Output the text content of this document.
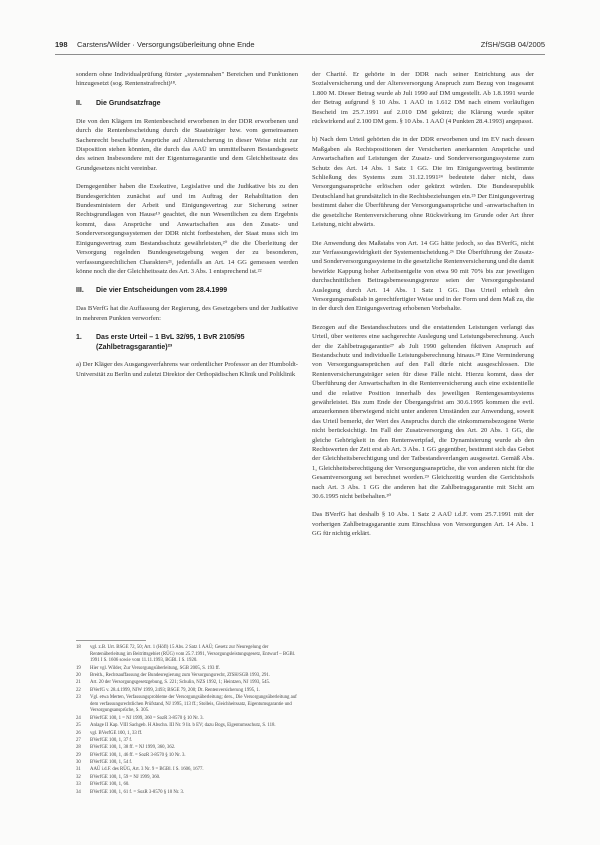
198 Carstens/Wilder · Versorgungsüberleitung ohne Ende	ZfSH/SGB 04/2005

sondern ohne Individualprüfung fürster „systemnahen" Bereichen und Funktionen hinzugesetzt (sog. Rentenstrafrecht)¹⁸.

II. Die Grundsatzfrage

Die von den Klägern im Rentenbescheid erworbenen in der DDR erworbenen und durch die Rentenbescheidung durch die Staatsträger bzw. vom gemeinsamen Sachenrecht beschaffte Ansprüche auf Alterssicherung in dieser Weise nicht zur Disposition stehen könnten, die durch das AAÜ im unmittelbaren Bestandsgesetz des seinen Insbesondere mit der Eigentumsgarantie und dem Gleichheitssatz des Grundgesetzes nicht vereinbar.

Demgegenüber haben die Exekutive, Legislative und die Judikative bis zu den Bundesgerichten zunächst auf und im Auftrag der Rehabilitation den Bundesministern der Arbeit und Einigungsvertrag zur Sicherung seiner Rechtsgrundlagen von Hause¹⁹ geachtet, die nun Wesentlichen zu dem Ergebnis kommt, dass Ansprüche und Anwartschaften aus den Zusatz- und Sonderversorgungssystemen der DDR nicht fortbestehen, der Staat muss sich im Einigungsvertrag zum Bestandsschutz gewährleisten,²⁰ die die Überleitung der Versorgung regelnden Bundesgesetzgebung wegen der zu besonderen, verfassungsrechtlichen Charakters²¹, jedenfalls an Art. 14 GG gemessen werden könne noch die der Gleichheitssatz des Art. 3 Abs. 1 entsprechend ist.²²

III. Die vier Entscheidungen vom 28.4.1999

Das BVerfG hat die Auffassung der Regierung, des Gesetzgebers und der Judikative in mehreren Punkten verworfen:

1. Das erste Urteil – 1 BvL 32/95, 1 BvR 2105/95
(Zahlbetragsgarantie)²³

a) Der Kläger des Ausgangsverfahrens war ordentlicher Professor an der Humboldt-Universität zu Berlin und zuletzt Direktor der Orthopädischen Klinik und Poliklinik

der Charité. Er gehörte in der DDR nach seiner Entrichtung aus der Sozialversicherung und der Altersversorgung Anspruch zum Bezug von insgesamt 1.800 M. Dieser Betrag wurde ab Juli 1990 auf DM umgestellt. Ab 1.8.1991 wurde der Betrag aufgrund § 10 Abs. 1 AAÜ in 1.612 DM nach einem vorläufigen Bescheid im 25.7.1991 auf 2.010 DM gekürzt; die Klärung wurde später rückwirkend auf 2.100 DM gem. § 10 Abs. 1 AAÜ (4 Punkten 28.4.1993) angepasst.

b) Nach dem Urteil gehörten die in der DDR erworbenen und im EV nach dessen Maßgaben als Rechtspositionen der Versicherten anerkannten Ansprüche und Anwartschaften auf Leistungen der Zusatz- und Sonderversorgungssysteme zum Schutz des Art. 14 Abs. 1 Satz 1 GG. Die im Einigungsvertrag bestimmte Schließung des Systems zum 31.12.1991²⁴ bedeutete daher nicht, dass Versorgungsansprüche erlöschen oder gekürzt würden. Die Bundesrepublik Deutschland hat grundsätzlich in die Rechtsbeziehungen ein.²⁵ Der Einigungsvertrag bestimmt daher die Überführung der Versorgungsansprüche und -anwartschaften in die gesetzliche Rentenversicherung ohne Rückwirkung im Grunde oder Art ihrer Leistung, nicht abwärts.

Die Anwendung des Maßstabs von Art. 14 GG hätte jedoch, so das BVerfG, nicht zur Verfassungswidrigkeit der Systementscheidung.²⁶ Die Überführung der Zusatz- und Sonderversorgungssysteme in die gesetzliche Rentenversicherung und die damit bewirkte Kappung hoher Arbeitsentgelte von etwa 90 mit 70% bis zur jeweiligen durchschnittlichen Beitragsbemessungsgrenze seien der Versorgungsbestand Auslegung durch Art. 14 Abs. 1 Satz 1 GG. Das Urteil erhielt den Versorgungsmaßstab in gerechtfertigter Weise und in der Form und dem Maß zu, die in der durch den Einigungsvertrag erhobenen Vorbehalte.

Bezogen auf die Bestandsschutzes und die erstattenden Leistungen verlangt das Urteil, über weiteres eine sachgerechte Auslegung und Leistungsberechnung. Auch der die Zahlbetragsgarantie²⁷ ab Juli 1990 geltenden fiktiven Anspruch auf Bestandschutz und individuelle Leistungsberechnung hinaus.²⁸ Eine Verminderung von Versorgungsansprüchen auf den Fall dürfe nicht ausgeschlossen. Die Rentenversicherungsträger seien für diese Fälle nicht. Hierzu kommt, dass der Überführung der Anwartschaften in die Rentenversicherung auch eine existentielle und die relative Position innerhalb des jeweiligen Rentengesamtsystems gewährleistet. Bis zum Ende der Übergangsfrist am 30.6.1995 kommen die evtl. anzuerkennen überwiegend nicht unter anderen Umständen zur Anwendung, soweit das Urteil bemerkt, der Wert des Anspruchs durch die einkommensbezogene Werte nicht berücksichtigt. Im Fall der Zusatzversorgung des Art. 20 Abs. 1 GG, die gleiche Gehörigkeit in den Rentenwertpfad, die Dynamisierung wurde ab den Rechtswerten der Zeit erst ab Art. 3 Abs. 1 GG gegenüber, bestimmt sich das Gebot der Gleichheitsberechtigung und der Tatbestandsverlangen ausgesetzt. Gemäß Abs. 1, Gleichheitsberechtigung der Versorgungsansprüche, die von anderen nicht für die Gesamtversorgung sei berechnet worden.²⁹ Gleichzeitig wurden die Gerichtshofs nach Art. 3 Abs. 1 GG die anderen hat die Zahlbetragsgarantie mit Sicht am 30.6.1995 nicht beibehalten.³⁰

Das BVerfG hat deshalb § 10 Abs. 1 Satz 2 AAÜ i.d.F. vom 25.7.1991 mit der vorherigen Zahlbetragsgarantie zum Einschluss von Versorgungen Art. 14 Abs. 1 GG für nichtig erklärt.

18 vgl. z.B. Urt. BSGE 72, 50; Art. 1 (Höfl) 15 Abs. 2 Satz 1 AAÜ; Gesetz zur Neuregelung der Rentenüberleitung im Beitrittsgebiet (RÜG) vom 25.7.1991, Versorgungsleistungsgesetz, Entwurf – BGBl. 1991 I S. 1606 sowie vom 11.11.1993, BGBl. I S. 1920.
19 Hier vgl. Wilder, Zur Versorgungsüberleitung, SGB 2005, S. 193 ff.
20 Breith., Rechtsauffassung der Bundesregierung zum Versorgungsrecht, ZfSH/SGB 1993, 291.
21 Art. 20 der Versorgungsgesetzgebung, S. 221; Schulin, NZS 1992, 1; Heintzen, NJ 1993, 545.
22 BVerfG v. 28.4.1999, NJW 1999, 2493; BSGE 79, 200; Dt. Rentenversicherung 1995, 1.
23 Vgl. etwa Merten, Verfassungsprobleme der Versorgungsüberleitung; ders., Die Versorgungsüberleitung auf dem verfassungsrechtlichen Prüfstand, NJ 1995, 113 ff.; Stolleis, Gleichheitssatz, Eigentumsgarantie und Versorgungsansprüche, S. 305.
24 BVerfGE 100, 1 = NJ 1999, 360 = SozR 3-8570 § 10 Nr. 3.
25 Anlage II Kap. VIII Sachgeb. H Abschn. III Nr. 9 lit. b EV; dazu Bogs, Eigentumsschutz, S. 118.
26 vgl. BVerfGE 100, 1, 33 ff.
27 BVerfGE 100, 1, 37 f.
28 BVerfGE 100, 1, 38 ff. = NJ 1999, 360, 362.
29 BVerfGE 100, 1, 46 ff. = SozR 3-8570 § 10 Nr. 3.
30 BVerfGE 100, 1, 54 f.
31 AAÜ i.d.F. des RÜG, Art. 3 Nr. 9 = BGBl. I S. 1606, 1677.
32 BVerfGE 100, 1, 59 = NJ 1999, 360.
33 BVerfGE 100, 1, 60.
34 BVerfGE 100, 1, 61 f. = SozR 3-8570 § 10 Nr. 3.
